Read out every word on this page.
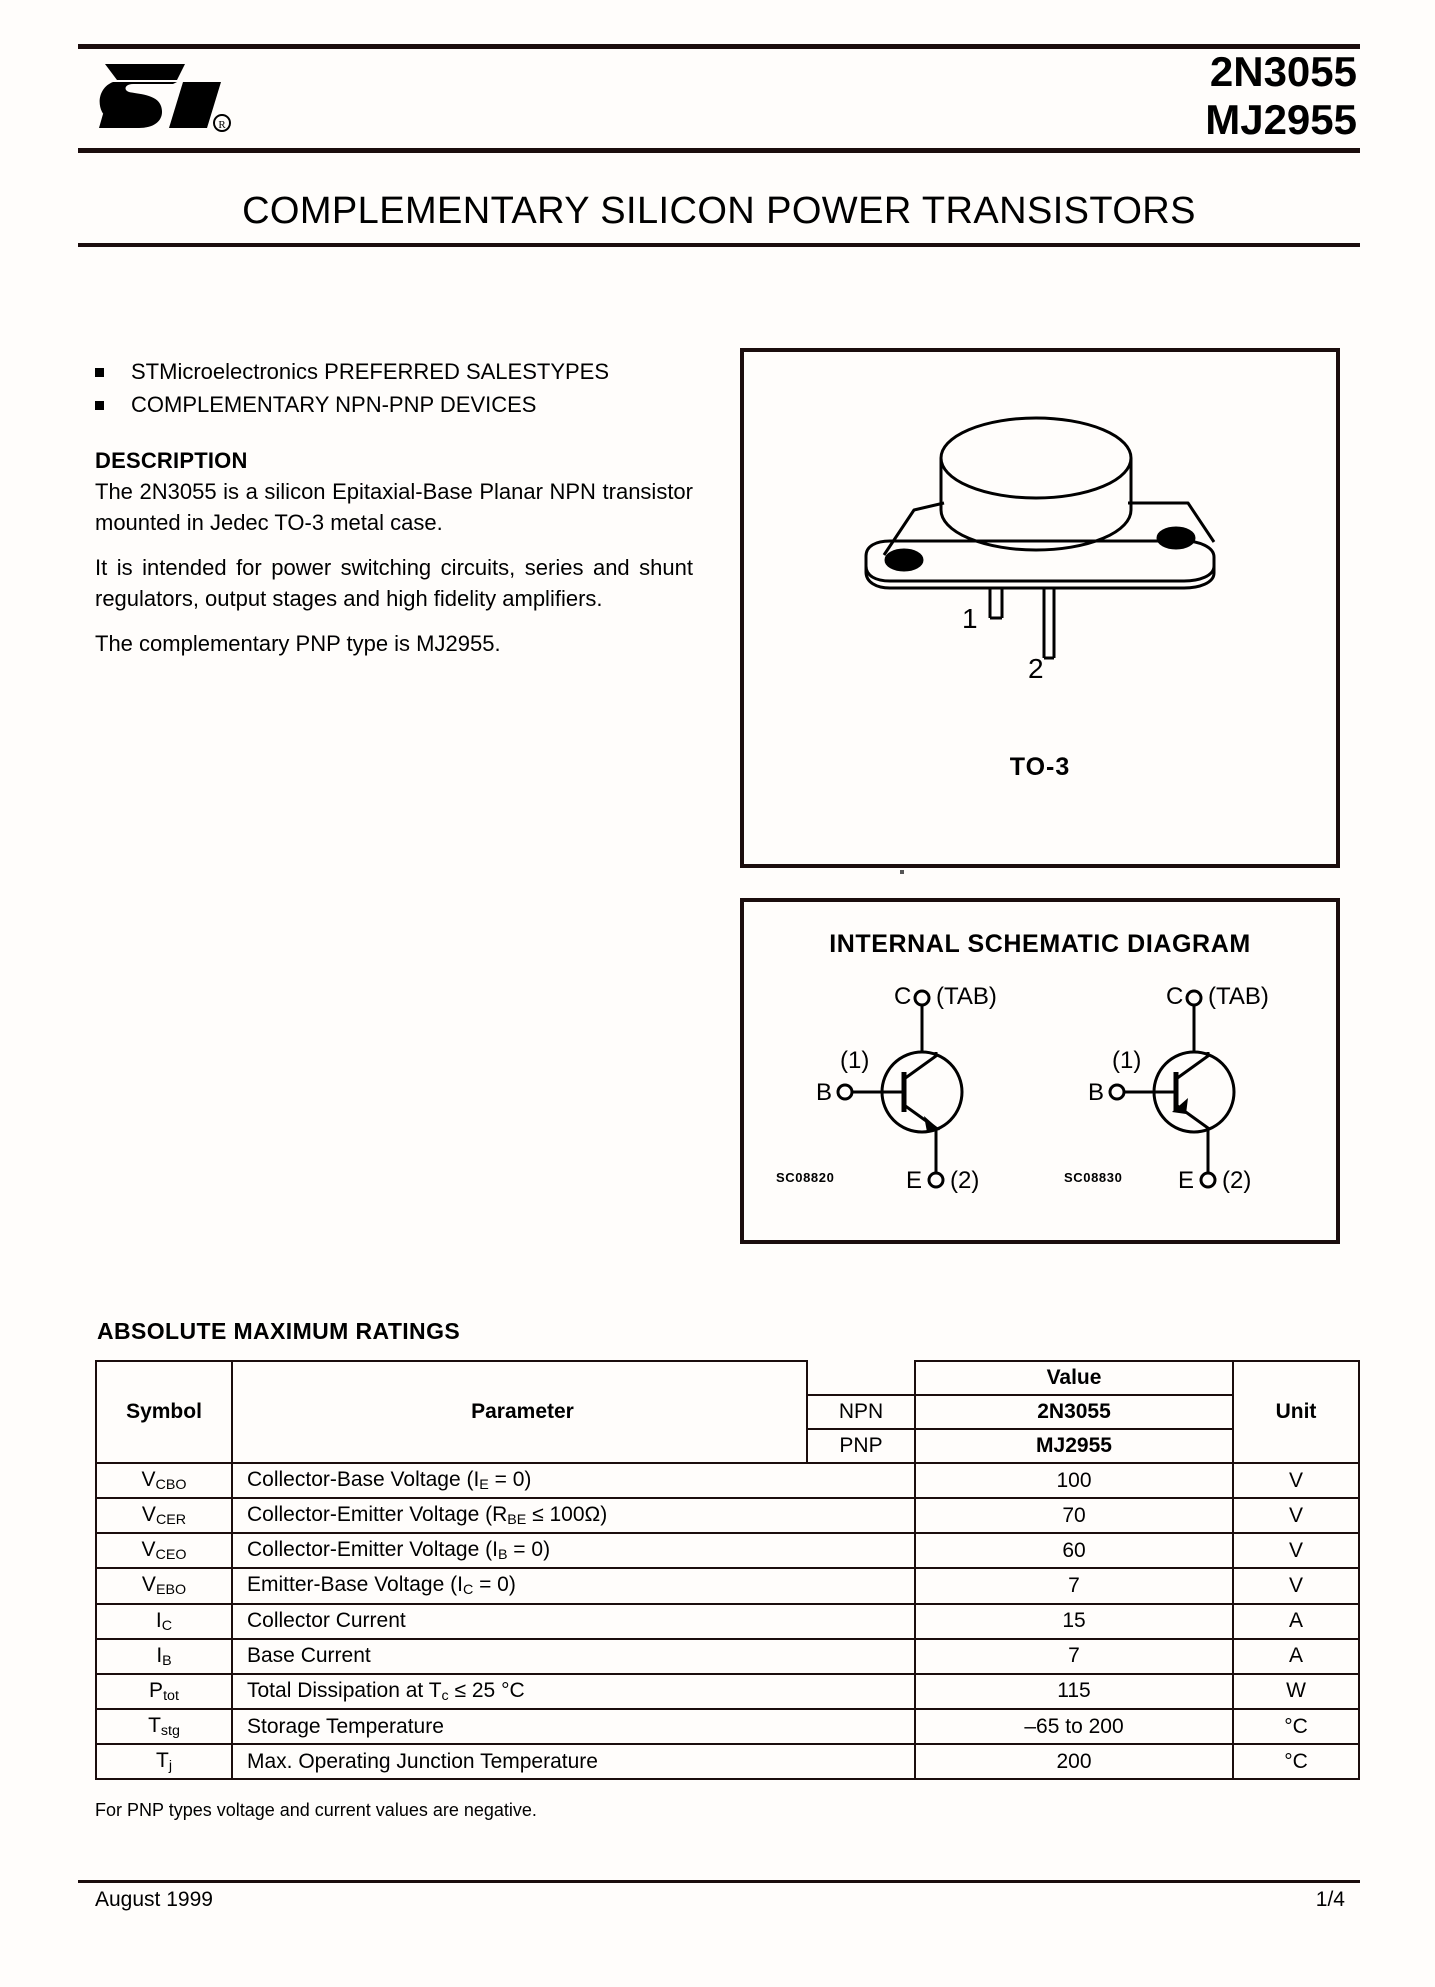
R
2N3055
MJ2955
COMPLEMENTARY SILICON POWER TRANSISTORS
STMicroelectronics PREFERRED SALESTYPES
COMPLEMENTARY NPN-PNP DEVICES
DESCRIPTION

The 2N3055 is a silicon Epitaxial-Base Planar NPN transistor mounted in Jedec TO-3 metal case.

It is intended for power switching circuits, series and shunt regulators, output stages and high fidelity amplifiers.

The complementary PNP type is MJ2955.

1
2
TO-3
INTERNAL SCHEMATIC DIAGRAM
C (TAB)
B
(1)
E (2)
C (TAB)
B
(1)
E (2)
SC08820	SC08830
ABSOLUTE MAXIMUM RATINGS
Symbol	Parameter		Value	Unit
		NPN	2N3055	
		PNP	MJ2955	
$V_{CBO}$	Collector-Base Voltage $(I_E = 0)$		100	V
$V_{CER}$	Collector-Emitter Voltage $(R_{BE} \le 100\Omega)$		70	V
$V_{CEO}$	Collector-Emitter Voltage $(I_B = 0)$		60	V
$V_{EBO}$	Emitter-Base Voltage $(I_C = 0)$		7	V
$I_C$	Collector Current		15	A
$I_B$	Base Current		7	A
$P_{tot}$	Total Dissipation at $T_c \le 25$ °C		115	W
$T_{stg}$	Storage Temperature		–65 to 200	°C
$T_j$	Max. Operating Junction Temperature		200	°C
For PNP types voltage and current values are negative.
August 1999	1/4
